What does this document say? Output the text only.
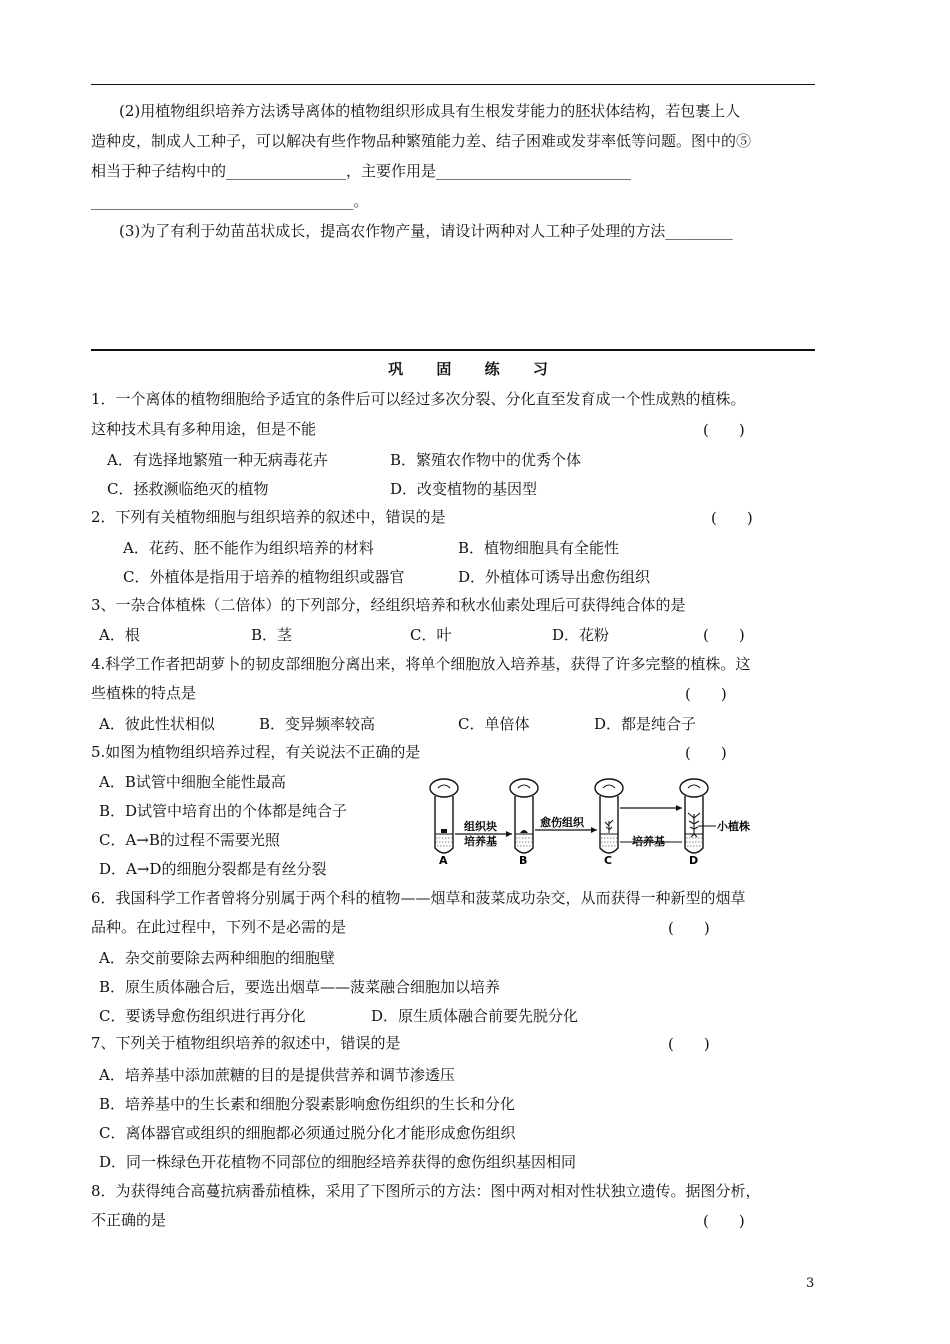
(2)用植物组织培养方法诱导离体的植物组织形成具有生根发芽能力的胚状体结构，若包裹上人
造种皮，制成人工种子，可以解决有些作物品种繁殖能力差、结子困难或发芽率低等问题。图中的⑤
相当于种子结构中的________________，主要作用是__________________________
___________________________________。
(3)为了有利于幼苗茁状成长，提高农作物产量，请设计两种对人工种子处理的方法_________
巩 固 练 习
1．一个离体的植物细胞给予适宜的条件后可以经过多次分裂、分化直至发育成一个性成熟的植株。
这种技术具有多种用途，但是不能	(　　)
A．有选择地繁殖一种无病毒花卉	B．繁殖农作物中的优秀个体
C．拯救濒临绝灭的植物	D．改变植物的基因型
2．下列有关植物细胞与组织培养的叙述中，错误的是	(　　)
A．花药、胚不能作为组织培养的材料	B．植物细胞具有全能性
C．外植体是指用于培养的植物组织或器官	D．外植体可诱导出愈伤组织
3、一杂合体植株（二倍体）的下列部分，经组织培养和秋水仙素处理后可获得纯合体的是
A．根	B．茎	C．叶	D．花粉	(　　)
4.科学工作者把胡萝卜的韧皮部细胞分离出来，将单个细胞放入培养基，获得了许多完整的植株。这
些植株的特点是	(　　)
A．彼此性状相似	B．变异频率较高	C．单倍体	D．都是纯合子
5.如图为植物组织培养过程，有关说法不正确的是	(　　)
A．B试管中细胞全能性最高
B．D试管中培育出的个体都是纯合子
C．A→B的过程不需要光照
D．A→D的细胞分裂都是有丝分裂
组织块
培养基
愈伤组织
培养基
小植株
A	B	C	D
6．我国科学工作者曾将分别属于两个科的植物——烟草和菠菜成功杂交，从而获得一种新型的烟草
品种。在此过程中，下列不是必需的是	(　　)
A．杂交前要除去两种细胞的细胞壁
B．原生质体融合后，要选出烟草——菠菜融合细胞加以培养
C．要诱导愈伤组织进行再分化	D．原生质体融合前要先脱分化
7、下列关于植物组织培养的叙述中，错误的是	(　　)
A．培养基中添加蔗糖的目的是提供营养和调节渗透压
B．培养基中的生长素和细胞分裂素影响愈伤组织的生长和分化
C．离体器官或组织的细胞都必须通过脱分化才能形成愈伤组织
D．同一株绿色开花植物不同部位的细胞经培养获得的愈伤组织基因相同
8．为获得纯合高蔓抗病番茄植株，采用了下图所示的方法：图中两对相对性状独立遗传。据图分析，
不正确的是	(　　)
3
